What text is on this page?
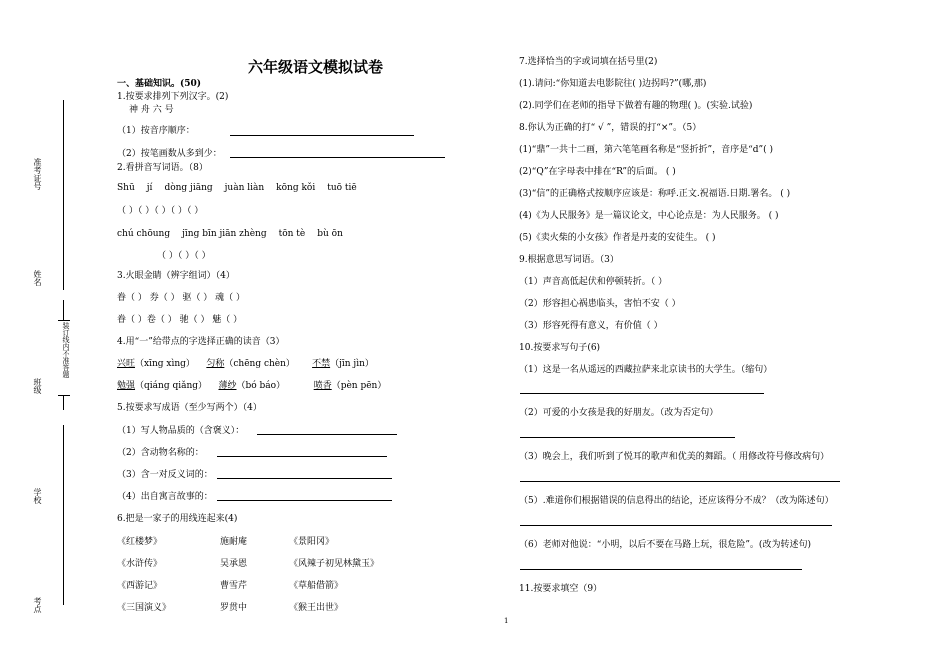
准考证号
姓名
班级
装订线内不准答题
学校
考点
六年级语文模拟试卷
一、基础知识。(50)
1.按要求排列下列汉字。(2)
神 舟 六 号
（1）按音序顺序：
（2）按笔画数从多到少：
2.看拼音写词语。（8）
Shū jí dòng jiāng juàn liàn kōng kǒi tuō tiē
（ ）（ ）（ ）（ ）（ ）
chú chōung jīng bīn jiān zhèng tōn tè bù ōn
（ ）（ ）（ ）
3.火眼金睛（辨字组词）（4）
眷（ ） 券（ ） 驱（ ） 魂（ ）
眷（ ）卷（ ） 驰（ ） 魅（ ）
4.用“一”给带点的字选择正确的读音（3）
兴旺（xīng xìng） 匀称（chēng chèn） 不禁（jīn jìn）
勉强（qiáng qiǎng） 薄纱（bó báo）	喷香（pèn pēn）
5.按要求写成语（至少写两个）（4）
（1）写人物品质的（含褒义）：
（2）含动物名称的：
（3）含一对反义词的：
（4）出自寓言故事的：
6.把是一家子的用线连起来(4)
《红楼梦》	施耐庵	《景阳冈》
《水浒传》	吴承恩	《风辣子初见林黛玉》
《西游记》	曹雪芹	《草船借箭》
《三国演义》	罗贯中	《猴王出世》
7.选择恰当的字或词填在括号里(2)
(1).请问:“你知道去电影院往( )边拐吗?”(哪,那)
(2).同学们在老师的指导下做着有趣的物理( )。(实验.试验)
8.你认为正确的打“ √ ”，错误的打“×”。（5）
(1)“鼎”一共十二画，第六笔笔画名称是“竖折折”，音序是“d”( )
(2)“Q”在字母表中排在“R”的后面。 ( )
(3)“信”的正确格式按顺序应该是：称呼.正文.祝福语.日期.署名。 ( )
(4)《为人民服务》是一篇议论文，中心论点是：为人民服务。 ( )
(5)《卖火柴的小女孩》作者是丹麦的安徒生。 ( )
9.根据意思写词语。（3）
（1）声音高低起伏和停顿转折。（ ）
（2）形容担心祸患临头，害怕不安（ ）
（3）形容死得有意义，有价值（ ）
10.按要求写句子(6)
（1）这是一名从遥远的西藏拉萨来北京读书的大学生。（缩句）
（2）可爱的小女孩是我的好朋友。（改为否定句）
（3）晚会上，我们听到了悦耳的歌声和优美的舞蹈。（ 用修改符号修改病句）
（5）.难道你们根据错误的信息得出的结论，还应该得分不成？（改为陈述句）
（6）老师对他说：“小明，以后不要在马路上玩，很危险”。(改为转述句)
11.按要求填空（9）
1
